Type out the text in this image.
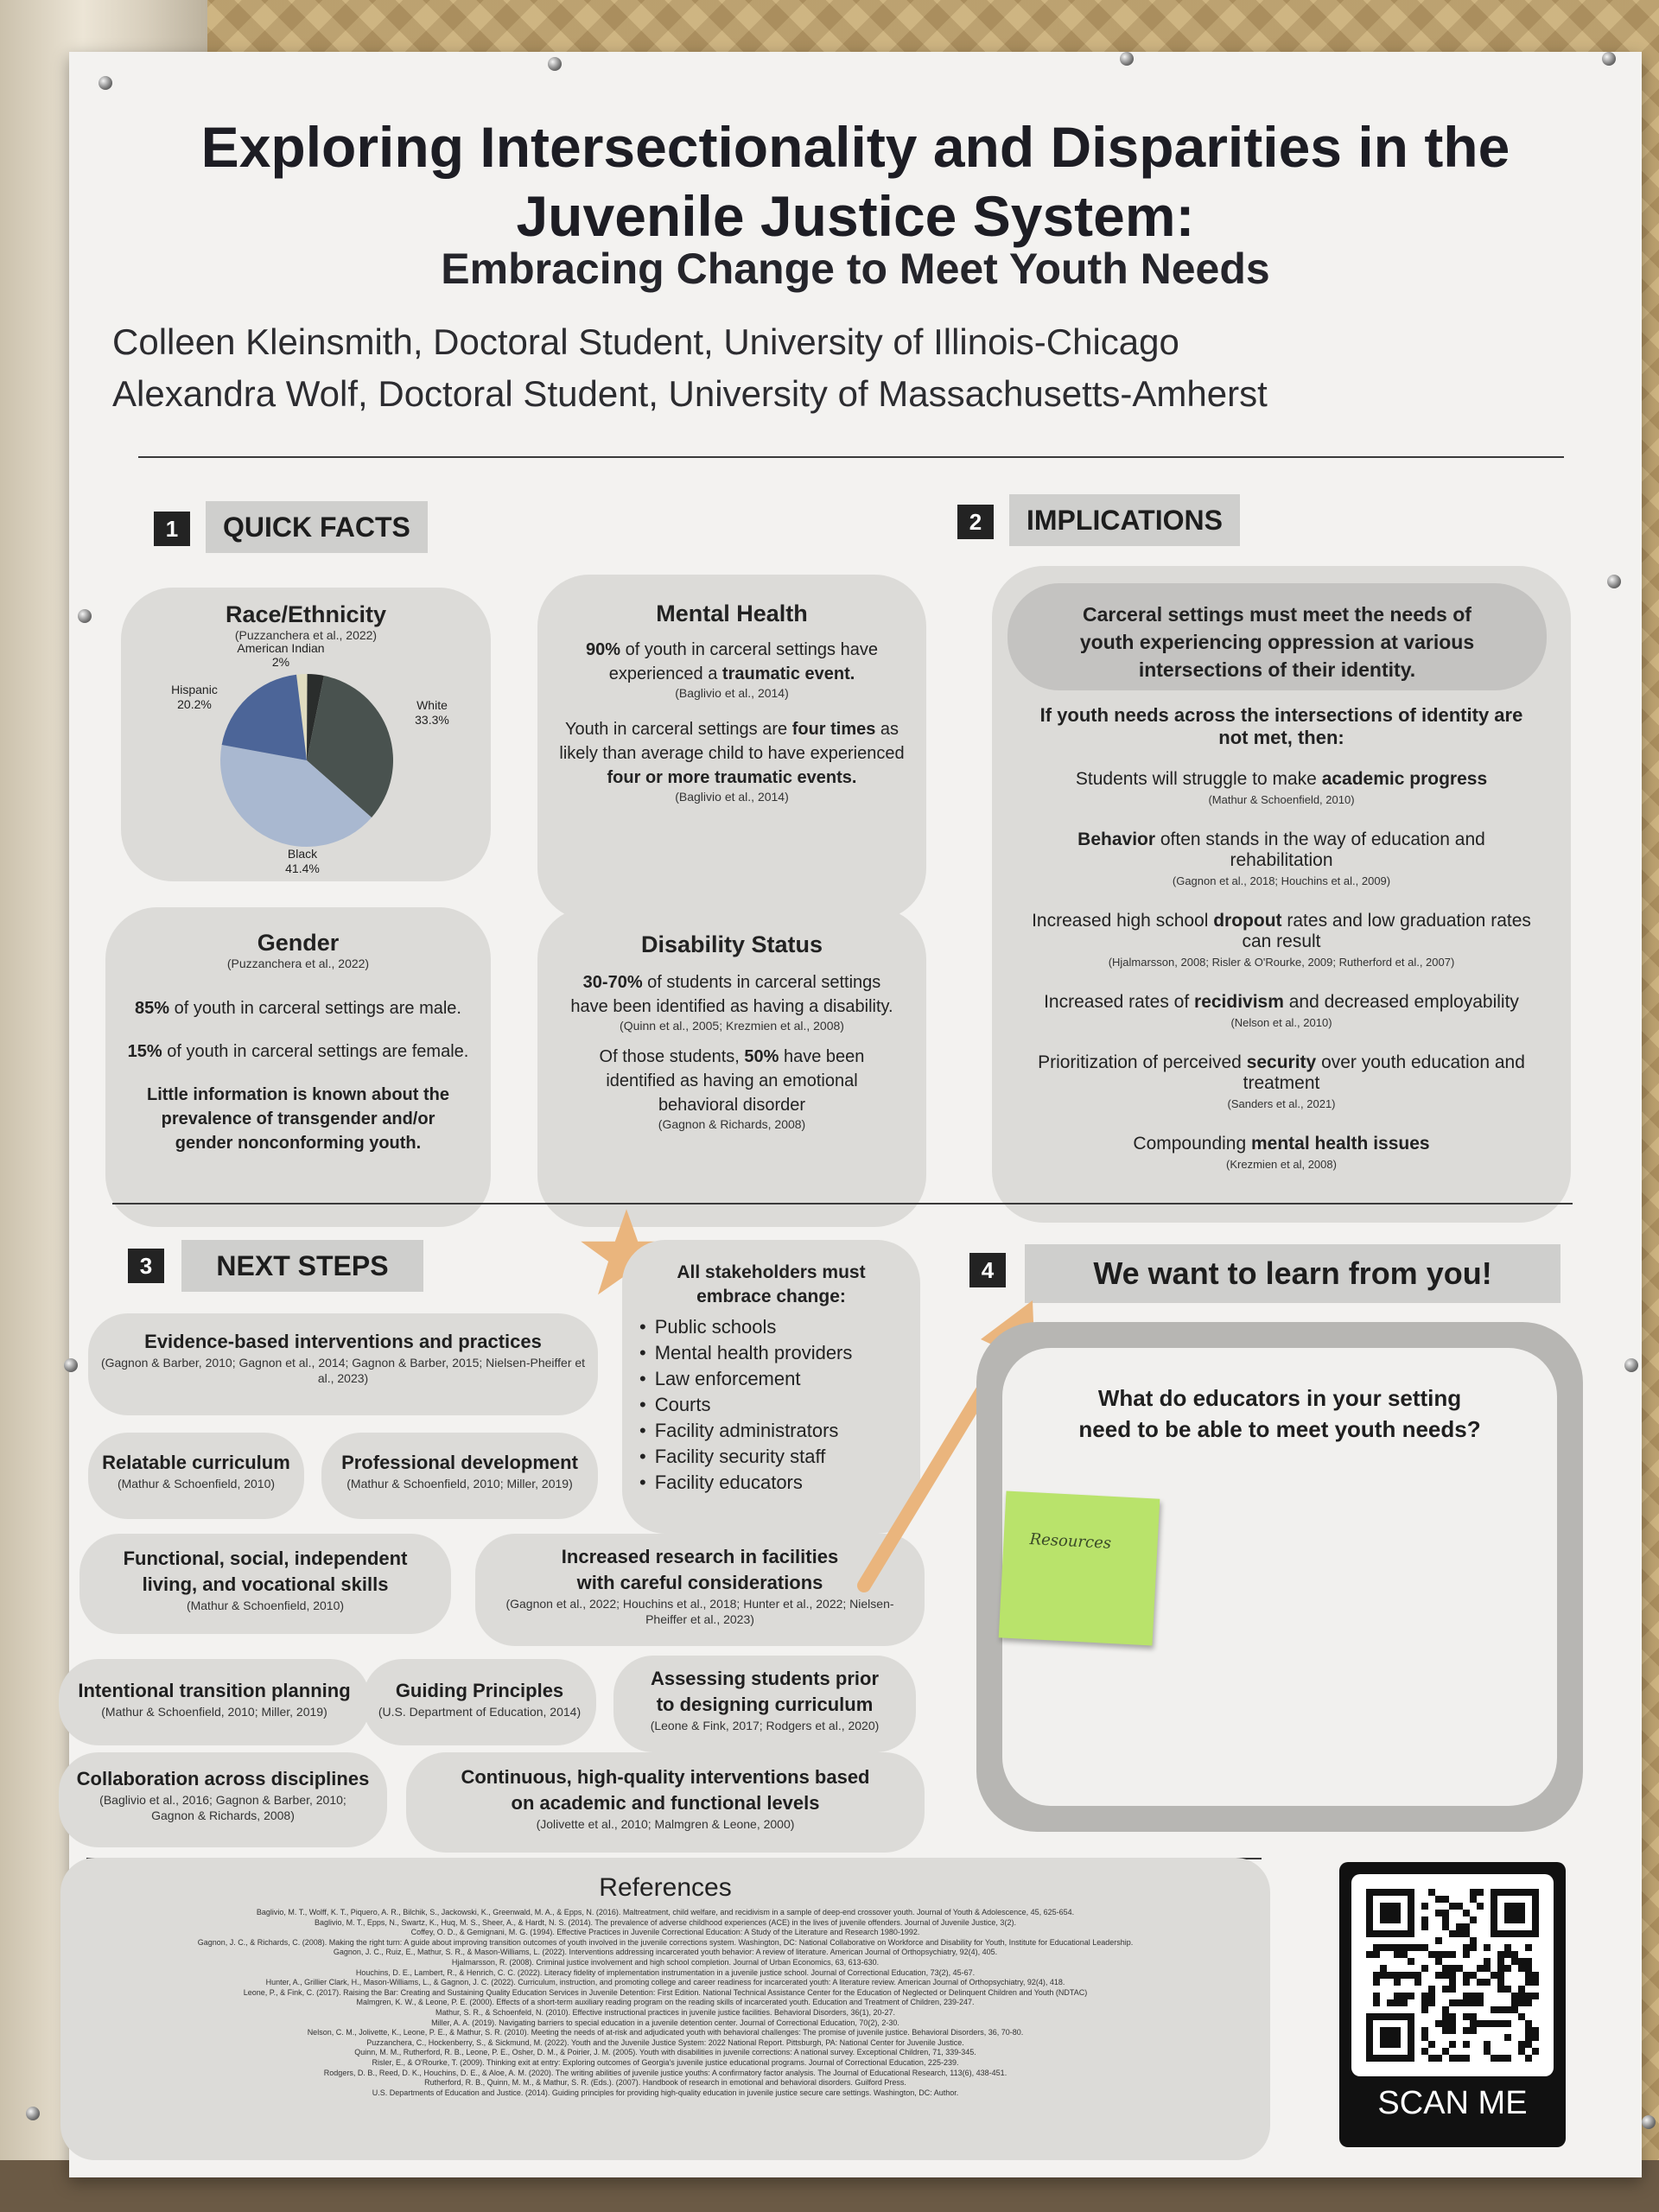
Exploring Intersectionality and Disparities in the Juvenile Justice System:
Embracing Change to Meet Youth Needs
Colleen Kleinsmith, Doctoral Student, University of Illinois-Chicago
Alexandra Wolf, Doctoral Student, University of Massachusetts-Amherst
1	QUICK FACTS	2	IMPLICATIONS
Race/Ethnicity
(Puzzanchera et al., 2022)
American Indian
2%
Hispanic
20.2%	White
33.3%
Black
41.4%
Mental Health
90% of youth in carceral settings have experienced a traumatic event.
(Baglivio et al., 2014)
Youth in carceral settings are four times as likely than average child to have experienced four or more traumatic events.
(Baglivio et al., 2014)
Gender
(Puzzanchera et al., 2022)
85% of youth in carceral settings are male.
15% of youth in carceral settings are female.
Little information is known about the prevalence of transgender and/or gender nonconforming youth.
Disability Status
30-70% of students in carceral settings have been identified as having a disability.
(Quinn et al., 2005; Krezmien et al., 2008)
Of those students, 50% have been identified as having an emotional behavioral disorder
(Gagnon & Richards, 2008)
Carceral settings must meet the needs of youth experiencing oppression at various intersections of their identity.
If youth needs across the intersections of identity are not met, then:
Students will struggle to make academic progress
(Mathur & Schoenfield, 2010)
Behavior often stands in the way of education and rehabilitation
(Gagnon et al., 2018; Houchins et al., 2009)
Increased high school dropout rates and low graduation rates can result
(Hjalmarsson, 2008; Risler & O'Rourke, 2009; Rutherford et al., 2007)
Increased rates of recidivism and decreased employability
(Nelson et al., 2010)
Prioritization of perceived security over youth education and treatment
(Sanders et al., 2021)
Compounding mental health issues
(Krezmien et al, 2008)
3	NEXT STEPS	All stakeholders must embrace change:
• Public schools
• Mental health providers
• Law enforcement
• Courts
• Facility administrators
• Facility security staff
• Facility educators
Evidence-based interventions and practices
(Gagnon & Barber, 2010; Gagnon et al., 2014; Gagnon & Barber, 2015; Nielsen-Pheiffer et al., 2023)
Relatable curriculum
(Mathur & Schoenfield, 2010)
Professional development
(Mathur & Schoenfield, 2010; Miller, 2019)
Functional, social, independent living, and vocational skills
(Mathur & Schoenfield, 2010)
Increased research in facilities with careful considerations
(Gagnon et al., 2022; Houchins et al., 2018; Hunter et al., 2022; Nielsen-Pheiffer et al., 2023)
Intentional transition planning
(Mathur & Schoenfield, 2010; Miller, 2019)
Guiding Principles
(U.S. Department of Education, 2014)
Assessing students prior to designing curriculum
(Leone & Fink, 2017; Rodgers et al., 2020)
Collaboration across disciplines
(Baglivio et al., 2016; Gagnon & Barber, 2010; Gagnon & Richards, 2008)
Continuous, high-quality interventions based on academic and functional levels
(Jolivette et al., 2010; Malmgren & Leone, 2000)
4	We want to learn from you!
What do educators in your setting need to be able to meet youth needs?
Resources
References
Baglivio, M. T., Wolff, K. T., Piquero, A. R., Bilchik, S., Jackowski, K., Greenwald, M. A., & Epps, N. (2016). Maltreatment, child welfare, and recidivism in a sample of deep-end crossover youth. Journal of Youth & Adolescence, 45, 625-654.
Baglivio, M. T., Epps, N., Swartz, K., Huq, M. S., Sheer, A., & Hardt, N. S. (2014). The prevalence of adverse childhood experiences (ACE) in the lives of juvenile offenders. Journal of Juvenile Justice, 3(2).
Coffey, O. D., & Gemignani, M. G. (1994). Effective Practices in Juvenile Correctional Education: A Study of the Literature and Research 1980-1992.
Gagnon, J. C., & Richards, C. (2008). Making the right turn: A guide about improving transition outcomes of youth involved in the juvenile corrections system. Washington, DC: National Collaborative on Workforce and Disability for Youth, Institute for Educational Leadership.
Gagnon, J. C., Ruiz, E., Mathur, S. R., & Mason-Williams, L. (2022). Interventions addressing incarcerated youth behavior: A review of literature. American Journal of Orthopsychiatry, 92(4), 405.
Hjalmarsson, R. (2008). Criminal justice involvement and high school completion. Journal of Urban Economics, 63, 613-630.
Houchins, D. E., Lambert, R., & Henrich, C. C. (2022). Literacy fidelity of implementation instrumentation in a juvenile justice school. Journal of Correctional Education, 73(2), 45-67.
Hunter, A., Grillier Clark, H., Mason-Williams, L., & Gagnon, J. C. (2022). Curriculum, instruction, and promoting college and career readiness for incarcerated youth: A literature review. American Journal of Orthopsychiatry, 92(4), 418.
Leone, P., & Fink, C. (2017). Raising the Bar: Creating and Sustaining Quality Education Services in Juvenile Detention: First Edition. National Technical Assistance Center for the Education of Neglected or Delinquent Children and Youth (NDTAC)
Malmgren, K. W., & Leone, P. E. (2000). Effects of a short-term auxiliary reading program on the reading skills of incarcerated youth. Education and Treatment of Children, 239-247.
Mathur, S. R., & Schoenfeld, N. (2010). Effective instructional practices in juvenile justice facilities. Behavioral Disorders, 36(1), 20-27.
Miller, A. A. (2019). Navigating barriers to special education in a juvenile detention center. Journal of Correctional Education, 70(2), 2-30.
Nelson, C. M., Jolivette, K., Leone, P. E., & Mathur, S. R. (2010). Meeting the needs of at-risk and adjudicated youth with behavioral challenges: The promise of juvenile justice. Behavioral Disorders, 36, 70-80.
Puzzanchera, C., Hockenberry, S., & Sickmund, M. (2022). Youth and the Juvenile Justice System: 2022 National Report. Pittsburgh, PA: National Center for Juvenile Justice.
Quinn, M. M., Rutherford, R. B., Leone, P. E., Osher, D. M., & Poirier, J. M. (2005). Youth with disabilities in juvenile corrections: A national survey. Exceptional Children, 71, 339-345.
Risler, E., & O'Rourke, T. (2009). Thinking exit at entry: Exploring outcomes of Georgia's juvenile justice educational programs. Journal of Correctional Education, 225-239.
Rodgers, D. B., Reed, D. K., Houchins, D. E., & Aloe, A. M. (2020). The writing abilities of juvenile justice youths: A confirmatory factor analysis. The Journal of Educational Research, 113(6), 438-451.
Rutherford, R. B., Quinn, M. M., & Mathur, S. R. (Eds.). (2007). Handbook of research in emotional and behavioral disorders. Guilford Press.
U.S. Departments of Education and Justice. (2014). Guiding principles for providing high-quality education in juvenile justice secure care settings. Washington, DC: Author.	SCAN ME
